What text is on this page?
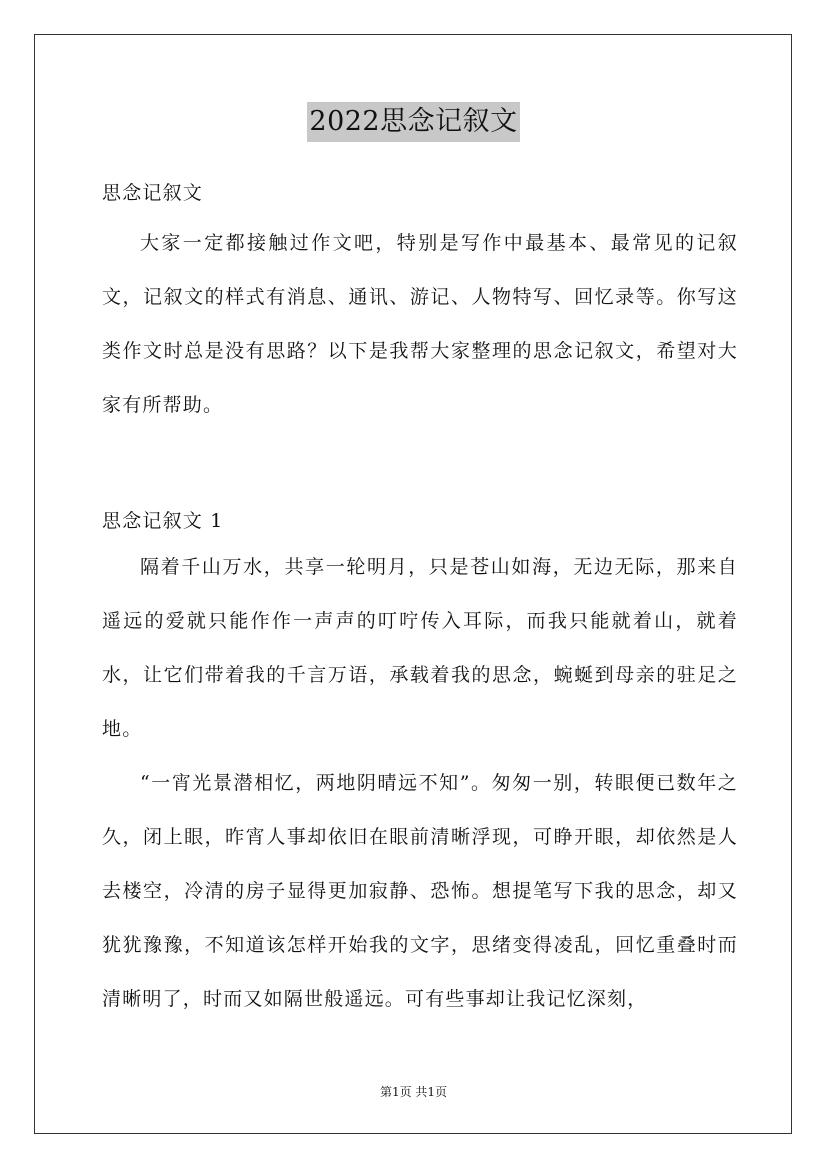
2022思念记叙文

思念记叙文

大家一定都接触过作文吧，特别是写作中最基本、最常见的记叙文，记叙文的样式有消息、通讯、游记、人物特写、回忆录等。你写这类作文时总是没有思路？以下是我帮大家整理的思念记叙文，希望对大家有所帮助。

思念记叙文 1

隔着千山万水，共享一轮明月，只是苍山如海，无边无际，那来自遥远的爱就只能作作一声声的叮咛传入耳际，而我只能就着山，就着水，让它们带着我的千言万语，承载着我的思念，蜿蜒到母亲的驻足之地。

“一宵光景潜相忆，两地阴晴远不知”。匆匆一别，转眼便已数年之久，闭上眼，昨宵人事却依旧在眼前清晰浮现，可睁开眼，却依然是人去楼空，冷清的房子显得更加寂静、恐怖。想提笔写下我的思念，却又犹犹豫豫，不知道该怎样开始我的文字，思绪变得凌乱，回忆重叠时而清晰明了，时而又如隔世般遥远。可有些事却让我记忆深刻，

第1页 共1页
